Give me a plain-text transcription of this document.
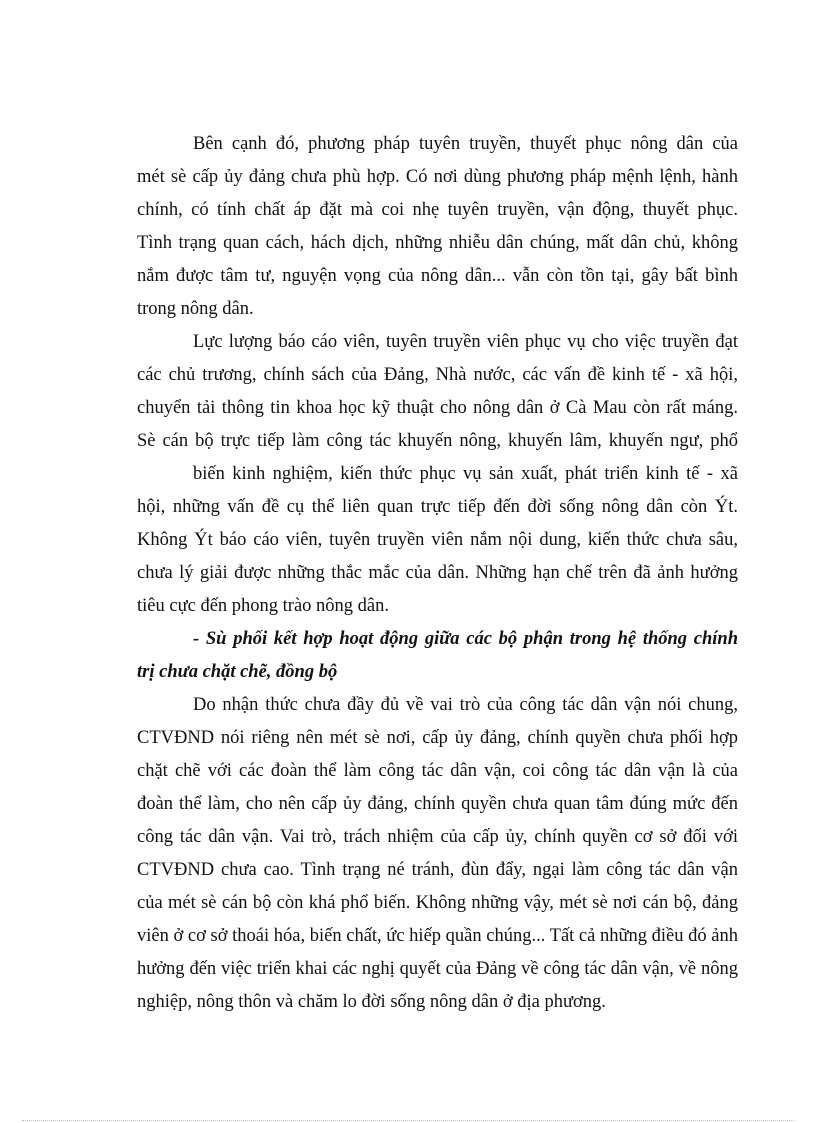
Bên cạnh đó, phương pháp tuyên truyền, thuyết phục nông dân của

mét sè cấp ủy đảng chưa phù hợp. Có nơi dùng phương pháp mệnh lệnh, hành

chính, có tính chất áp đặt mà coi nhẹ tuyên truyền, vận động, thuyết phục.

Tình trạng quan cách, hách dịch, những nhiễu dân chúng, mất dân chủ, không

nắm được tâm tư, nguyện vọng của nông dân... vẫn còn tồn tại, gây bất bình

trong nông dân.

Lực lượng báo cáo viên, tuyên truyền viên phục vụ cho việc truyền đạt

các chủ trương, chính sách của Đảng, Nhà nước, các vấn đề kinh tế - xã hội,

chuyển tải thông tin khoa học kỹ thuật cho nông dân ở Cà Mau còn rất máng.

Sè cán bộ trực tiếp làm công tác khuyến nông, khuyến lâm, khuyến ngư, phổ

biến kinh nghiệm, kiến thức phục vụ sản xuất, phát triển kinh tế - xã

hội, những vấn đề cụ thể liên quan trực tiếp đến đời sống nông dân còn Ýt.

Không Ýt báo cáo viên, tuyên truyền viên nắm nội dung, kiến thức chưa sâu,

chưa lý giải được những thắc mắc của dân. Những hạn chế trên đã ảnh hưởng

tiêu cực đến phong trào nông dân.

- Sù phối kết hợp hoạt động giữa các bộ phận trong hệ thống chính

trị chưa chặt chẽ, đồng bộ

Do nhận thức chưa đầy đủ về vai trò của công tác dân vận nói chung,

CTVĐND nói riêng nên mét sè nơi, cấp ủy đảng, chính quyền chưa phối hợp

chặt chẽ với các đoàn thể làm công tác dân vận, coi công tác dân vận là của

đoàn thể làm, cho nên cấp ủy đảng, chính quyền chưa quan tâm đúng mức đến

công tác dân vận. Vai trò, trách nhiệm của cấp ủy, chính quyền cơ sở đối với

CTVĐND chưa cao. Tình trạng né tránh, đùn đẩy, ngại làm công tác dân vận

của mét sè cán bộ còn khá phổ biến. Không những vậy, mét sè nơi cán bộ, đảng

viên ở cơ sở thoái hóa, biến chất, ức hiếp quần chúng... Tất cả những điều đó ảnh

hưởng đến việc triển khai các nghị quyết của Đảng về công tác dân vận, về nông

nghiệp, nông thôn và chăm lo đời sống nông dân ở địa phương.
